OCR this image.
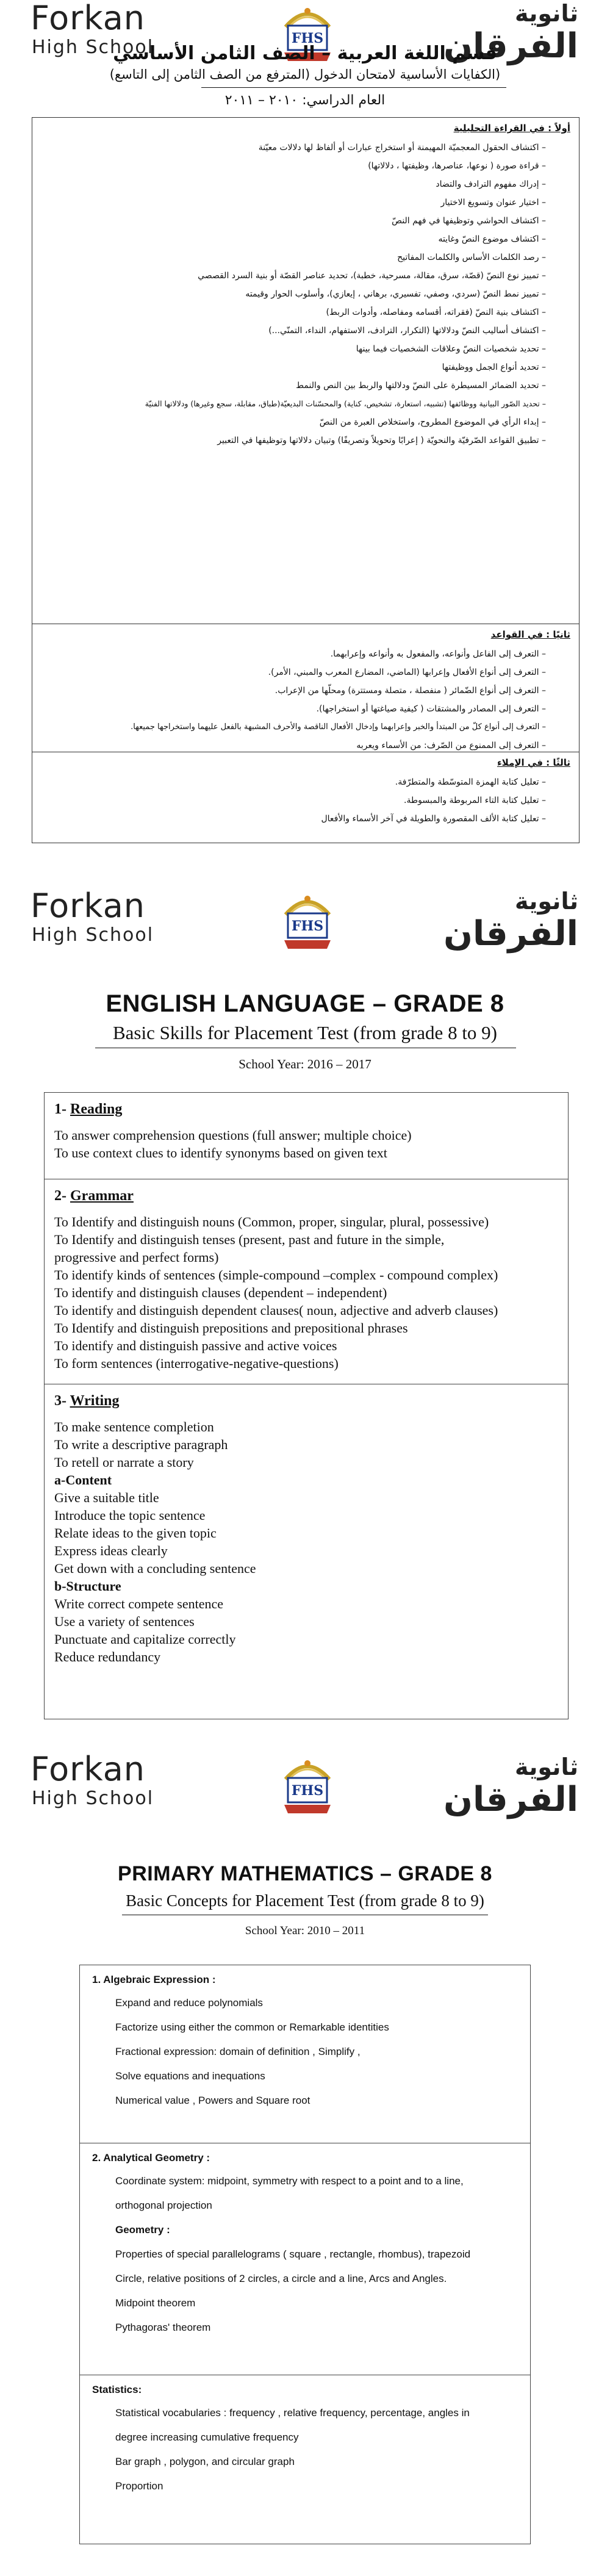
Forkan
High School	FHS
ثانوية
الفرقان
قسم اللغة العربية – الصف الثامن الأساسي
(الكفايات الأساسية لامتحان الدخول (المترفع من الصف الثامن إلى التاسع)
العام الدراسي: ٢٠١٠ – ٢٠١١
أولاً : في القراءة التحليلية
– اكتشاف الحقول المعجميّة المهيمنة أو استخراج عبارات أو ألفاظ لها دلالات معيّنة
– قراءة صورة ( نوعها، عناصرها، وظيفتها ، دلالاتها)
– إدراك مفهوم الترادف والتضاد
– اختيار عنوان وتسويغ الاختيار
– اكتشاف الحواشي وتوظيفها في فهم النصّ
– اكتشاف موضوع النصّ وغايته
– رصد الكلمات الأساس والكلمات المفاتيح
– تمييز نوع النصّ (قصّة، سرق، مقالة، مسرحية، خطبة)، تحديد عناصر القصّة أو بنية السرد القصصي
– تمييز نمط النصّ (سردي، وصفي، تفسيري، برهاني ، إيعازي)، وأسلوب الحوار وقيمته
– اكتشاف بنية النصّ (فقراته، أقسامه ومفاصله، وأدوات الربط)
– اكتشاف أساليب النصّ ودلالاتها (التكرار، الترادف، الاستفهام، النداء، التمنّي...)
– تحديد شخصيات النصّ وعلاقات الشخصيات فيما بينها
– تحديد أنواع الجمل ووظيفتها
– تحديد الضمائر المسيطرة على النصّ ودلالتها والربط بين النص والنمط
– تحديد الصّور البيانية ووظائفها (تشبيه، استعارة، تشخيص، كناية) والمحسّنات البديعيّة(طباق، مقابلة، سجع وغيرها) ودلالاتها الفنيّة
– إبداء الرأي في الموضوع المطروح، واستخلاص العبرة من النصّ
– تطبيق القواعد الصّرفيّة والنحويّة ( إعرابًا وتحويلاً وتصريفًا) وتبيان دلالاتها وتوظيفها في التعبير
ثانيًا : في القواعد
– التعرف إلى الفاعل وأنواعه، والمفعول به وأنواعه وإعرابهما.
– التعرف إلى أنواع الأفعال وإعرابها (الماضي، المضارع المعرب والمبني، الأمر).
– التعرف إلى أنواع الضّمائر ( منفصلة ، متصلة ومستترة) ومحلّها من الإعراب.
– التعرف إلى المصادر والمشتقات ( كيفية صياغتها أو استخراجها).
– التعرف إلى أنواع كلّ من المبتدأ والخبر وإعرابهما وإدخال الأفعال الناقصة والأحرف المشبهة بالفعل عليهما واستخراجها جميعها.
– التعرف إلى الممنوع من الصّرف: من الأسماء ويعربه
ثالثًا : في الإملاء
– تعليل كتابة الهمزة المتوسّطة والمتطرّفة.
– تعليل كتابة التاء المربوطة والمبسوطة.
– تعليل كتابة الألف المقصورة والطويلة في آخر الأسماء والأفعال
Forkan
High School	FHS
ثانوية
الفرقان
ENGLISH LANGUAGE – GRADE 8
Basic Skills for Placement Test (from grade 8 to 9)
School Year: 2016 – 2017
1- Reading
To answer comprehension questions (full answer; multiple choice)
To use context clues to identify synonyms based on given text
2- Grammar
To Identify and distinguish nouns (Common, proper, singular, plural, possessive)
To Identify and distinguish tenses (present, past and future in the simple,
progressive and perfect forms)
To identify kinds of sentences (simple-compound –complex - compound complex)
To identify and distinguish clauses (dependent – independent)
To identify and distinguish dependent clauses( noun, adjective and adverb clauses)
To Identify and distinguish prepositions and prepositional phrases
To identify and distinguish passive and active voices
To form sentences (interrogative-negative-questions)
3- Writing
To make sentence completion
To write a descriptive paragraph
To retell or narrate a story
a-Content
Give a suitable title
Introduce the topic sentence
Relate ideas to the given topic
Express ideas clearly
Get down with a concluding sentence
b-Structure
Write correct compete sentence
Use a variety of sentences
Punctuate and capitalize correctly
Reduce redundancy
Forkan
High School	FHS
ثانوية
الفرقان
PRIMARY MATHEMATICS – GRADE 8
Basic Concepts for Placement Test (from grade 8 to 9)
School Year: 2010 – 2011
1. Algebraic Expression :
Expand and reduce polynomials
Factorize using either the common or Remarkable identities
Fractional expression: domain of definition , Simplify ,
Solve equations and inequations
Numerical value , Powers and Square root
2. Analytical Geometry :
Coordinate system: midpoint, symmetry with respect to a point and to a line,
orthogonal projection
Geometry :
Properties of special parallelograms ( square , rectangle, rhombus), trapezoid
Circle, relative positions of 2 circles, a circle and a line, Arcs and Angles.
Midpoint theorem
Pythagoras' theorem
Statistics:
Statistical vocabularies : frequency , relative frequency, percentage, angles in
degree increasing cumulative frequency
Bar graph , polygon, and circular graph
Proportion
